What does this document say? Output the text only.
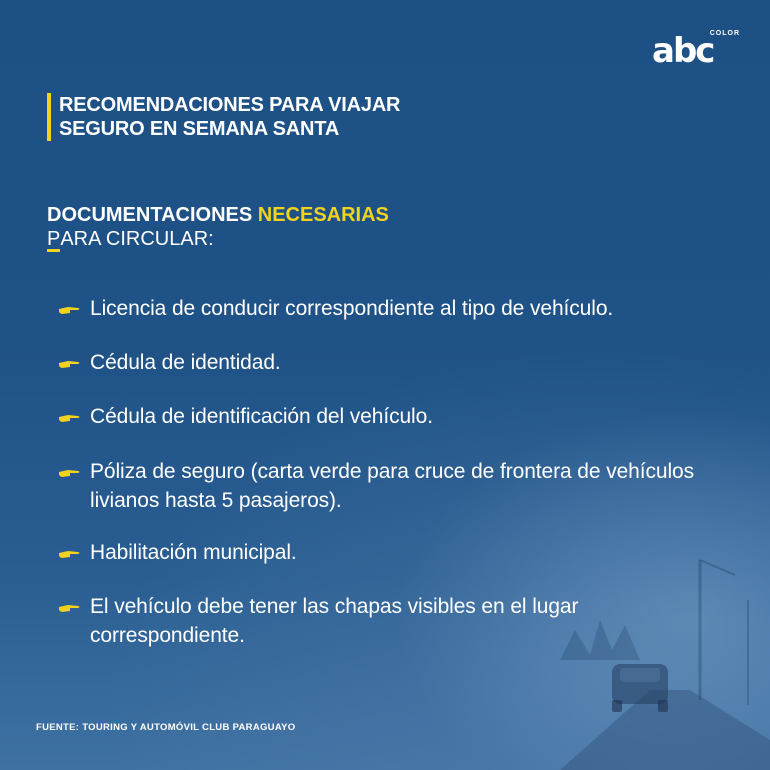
COLOR
abc
RECOMENDACIONES PARA VIAJAR
SEGURO EN SEMANA SANTA
DOCUMENTACIONES NECESARIAS
PARA CIRCULAR:
Licencia de conducir correspondiente al tipo de vehículo.
Cédula de identidad.
Cédula de identificación del vehículo.
Póliza de seguro (carta verde para cruce de frontera de vehículos livianos hasta 5 pasajeros).
Habilitación municipal.
El vehículo debe tener las chapas visibles en el lugar correspondiente.
FUENTE: TOURING Y AUTOMÓVIL CLUB PARAGUAYO
